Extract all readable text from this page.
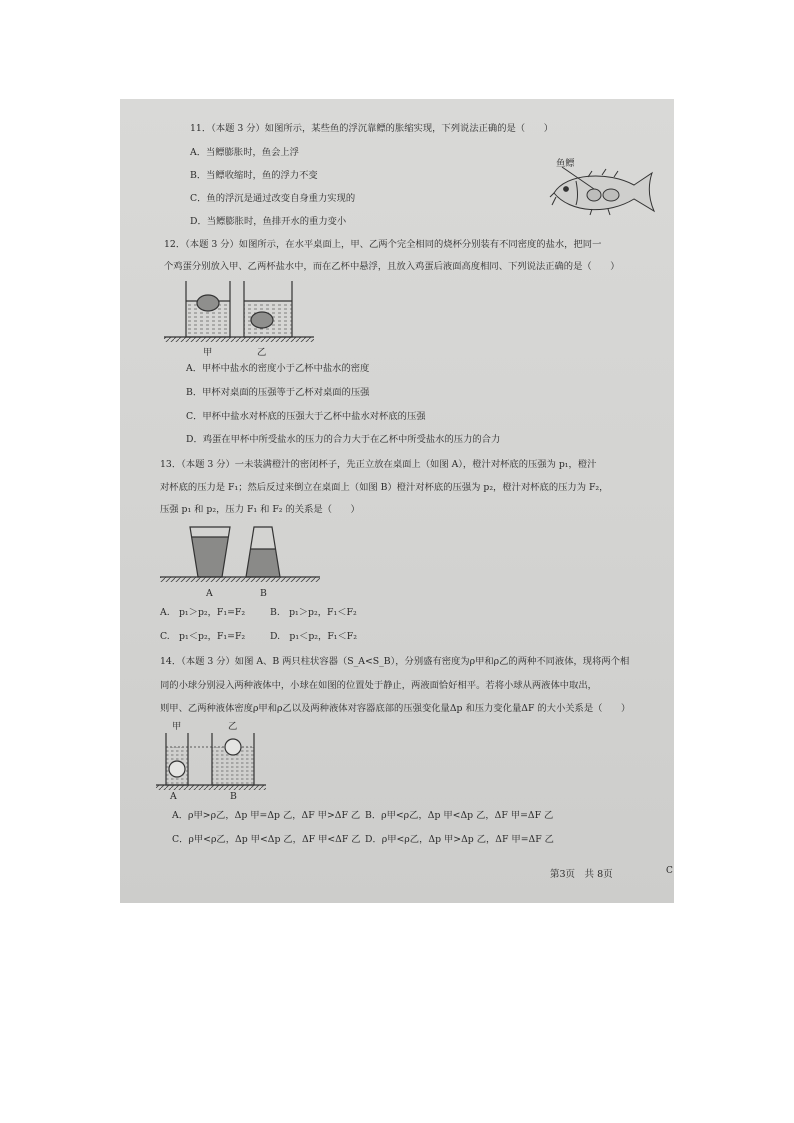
11．（本题 3 分）如图所示，某些鱼的浮沉靠鳔的胀缩实现，下列说法正确的是（　　）
A．当鳔膨胀时，鱼会上浮
B．当鳔收缩时，鱼的浮力不变
C．鱼的浮沉是通过改变自身重力实现的
D．当鳔膨胀时，鱼排开水的重力变小
鱼鳔
12．（本题 3 分）如图所示，在水平桌面上，甲、乙两个完全相同的烧杯分别装有不同密度的盐水，把同一
个鸡蛋分别放入甲、乙两杯盐水中，而在乙杯中悬浮，且放入鸡蛋后液面高度相同、下列说法正确的是（　　）
甲	乙
A．甲杯中盐水的密度小于乙杯中盐水的密度
B．甲杯对桌面的压强等于乙杯对桌面的压强
C．甲杯中盐水对杯底的压强大于乙杯中盐水对杯底的压强
D．鸡蛋在甲杯中所受盐水的压力的合力大于在乙杯中所受盐水的压力的合力
13．（本题 3 分）一未装满橙汁的密闭杯子，先正立放在桌面上（如图 A），橙汁对杯底的压强为 p₁，橙汁
对杯底的压力是 F₁；然后反过来倒立在桌面上（如图 B）橙汁对杯底的压强为 p₂，橙汁对杯底的压力为 F₂，
压强 p₁ 和 p₂，压力 F₁ 和 F₂ 的关系是（　　）
A	B
A.　p₁＞p₂，F₁=F₂	B.　p₁＞p₂，F₁＜F₂
C.　p₁＜p₂，F₁=F₂	D.　p₁＜p₂，F₁＜F₂
14．（本题 3 分）如图 A、B 两只柱状容器（S_A<S_B），分别盛有密度为ρ甲和ρ乙的两种不同液体，现将两个相
同的小球分别浸入两种液体中，小球在如图的位置处于静止，两液面恰好相平。若将小球从两液体中取出，
则甲、乙两种液体密度ρ甲和ρ乙以及两种液体对容器底部的压强变化量Δp 和压力变化量ΔF 的大小关系是（　　）
甲	乙
A	B
A．ρ甲>ρ乙，Δp 甲=Δp 乙，ΔF 甲>ΔF 乙 B．ρ甲<ρ乙，Δp 甲<Δp 乙，ΔF 甲=ΔF 乙
C．ρ甲<ρ乙，Δp 甲<Δp 乙，ΔF 甲<ΔF 乙 D．ρ甲<ρ乙，Δp 甲>Δp 乙，ΔF 甲=ΔF 乙
第3页　共 8页	C
